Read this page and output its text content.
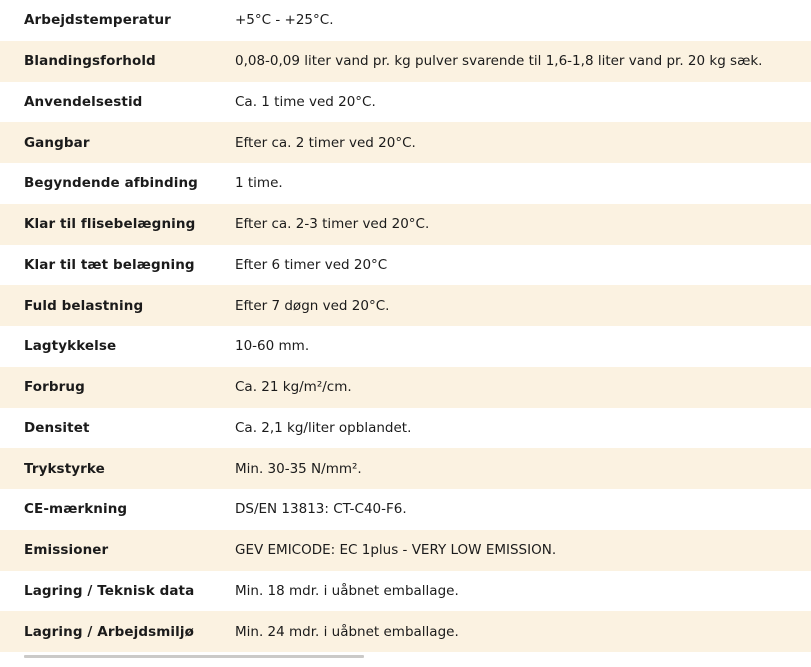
Arbejdstemperatur	+5°C - +25°C.
Blandingsforhold	0,08-0,09 liter vand pr. kg pulver svarende til 1,6-1,8 liter vand pr. 20 kg sæk.
Anvendelsestid	Ca. 1 time ved 20°C.
Gangbar	Efter ca. 2 timer ved 20°C.
Begyndende afbinding	1 time.
Klar til flisebelægning	Efter ca. 2-3 timer ved 20°C.
Klar til tæt belægning	Efter 6 timer ved 20°C
Fuld belastning	Efter 7 døgn ved 20°C.
Lagtykkelse	10-60 mm.
Forbrug	Ca. 21 kg/m²/cm.
Densitet	Ca. 2,1 kg/liter opblandet.
Trykstyrke	Min. 30-35 N/mm².
CE-mærkning	DS/EN 13813: CT-C40-F6.
Emissioner	GEV EMICODE: EC 1plus - VERY LOW EMISSION.
Lagring / Teknisk data	Min. 18 mdr. i uåbnet emballage.
Lagring / Arbejdsmiljø	Min. 24 mdr. i uåbnet emballage.
